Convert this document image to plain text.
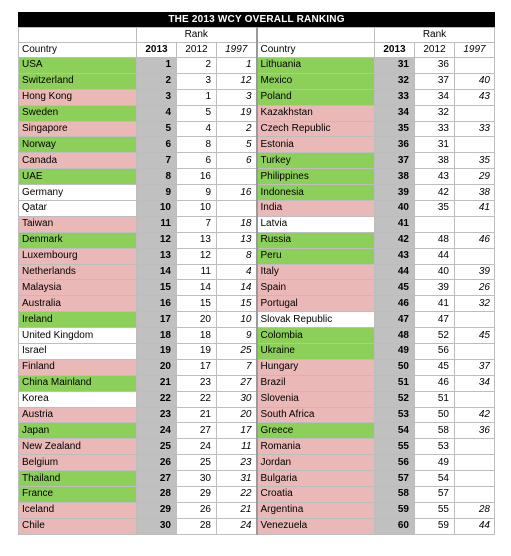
THE 2013 WCY OVERALL RANKING
	Rank				Rank		
Country	2013	2012	1997	Country	2013	2012	1997
USA	1	2	1	Lithuania	31	36	
Switzerland	2	3	12	Mexico	32	37	40
Hong Kong	3	1	3	Poland	33	34	43
Sweden	4	5	19	Kazakhstan	34	32	
Singapore	5	4	2	Czech Republic	35	33	33
Norway	6	8	5	Estonia	36	31	
Canada	7	6	6	Turkey	37	38	35
UAE	8	16		Philippines	38	43	29
Germany	9	9	16	Indonesia	39	42	38
Qatar	10	10		India	40	35	41
Taiwan	11	7	18	Latvia	41		
Denmark	12	13	13	Russia	42	48	46
Luxembourg	13	12	8	Peru	43	44	
Netherlands	14	11	4	Italy	44	40	39
Malaysia	15	14	14	Spain	45	39	26
Australia	16	15	15	Portugal	46	41	32
Ireland	17	20	10	Slovak Republic	47	47	
United Kingdom	18	18	9	Colombia	48	52	45
Israel	19	19	25	Ukraine	49	56	
Finland	20	17	7	Hungary	50	45	37
China Mainland	21	23	27	Brazil	51	46	34
Korea	22	22	30	Slovenia	52	51	
Austria	23	21	20	South Africa	53	50	42
Japan	24	27	17	Greece	54	58	36
New Zealand	25	24	11	Romania	55	53	
Belgium	26	25	23	Jordan	56	49	
Thailand	27	30	31	Bulgaria	57	54	
France	28	29	22	Croatia	58	57	
Iceland	29	26	21	Argentina	59	55	28
Chile	30	28	24	Venezuela	60	59	44
